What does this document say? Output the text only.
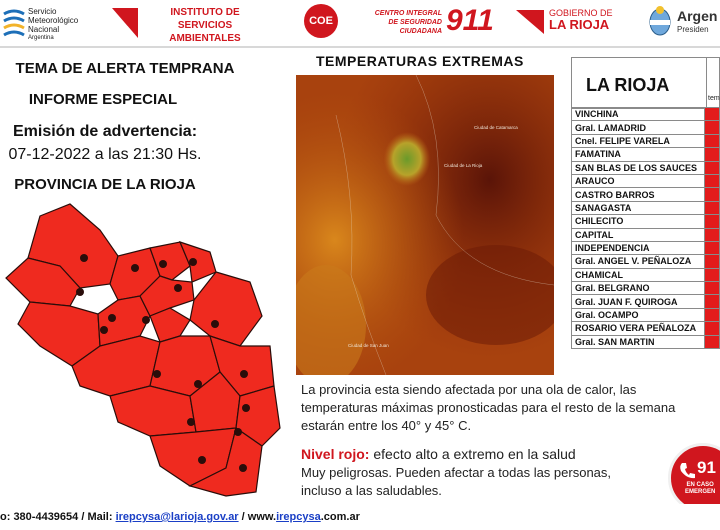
Servicio
Meteorológico
Nacional
Argentina
INSTITUTO DE SERVICIOS
AMBIENTALES
COE
CENTRO INTEGRAL
DE SEGURIDAD
CIUDADANA 911	GOBIERNO DE
LA RIOJA
Argen
Presiden
TEMA DE ALERTA TEMPRANA
INFORME ESPECIAL
Emisión de advertencia:
07-12-2022 a las 21:30 Hs.
PROVINCIA DE LA RIOJA
TEMPERATURAS EXTREMAS
Ciudad de La Rioja
Ciudad de San Juan
Ciudad de Catamarca
LA RIOJA
tem
VINCHINA	
Gral. LAMADRID	
Cnel. FELIPE VARELA	
FAMATINA	
SAN BLAS DE LOS SAUCES	
ARAUCO	
CASTRO BARROS	
SANAGASTA	
CHILECITO	
CAPITAL	
INDEPENDENCIA	
Gral. ANGEL V. PEÑALOZA	
CHAMICAL	
Gral. BELGRANO	
Gral. JUAN F. QUIROGA	
Gral. OCAMPO	
ROSARIO VERA PEÑALOZA	
Gral. SAN MARTIN	
La provincia esta siendo afectada por una ola de calor, las
temperaturas máximas pronosticadas para el resto de la semana
estarán entre los 40° y 45° C.
Nivel rojo: efecto alto a extremo en la salud
Muy peligrosas. Pueden afectar a todas las personas,
incluso a las saludables.
91
EN CASO
EMERGEN
o: 380-4439654 / Mail: irepcysa@larioja.gov.ar / www.irepcysa.com.ar
